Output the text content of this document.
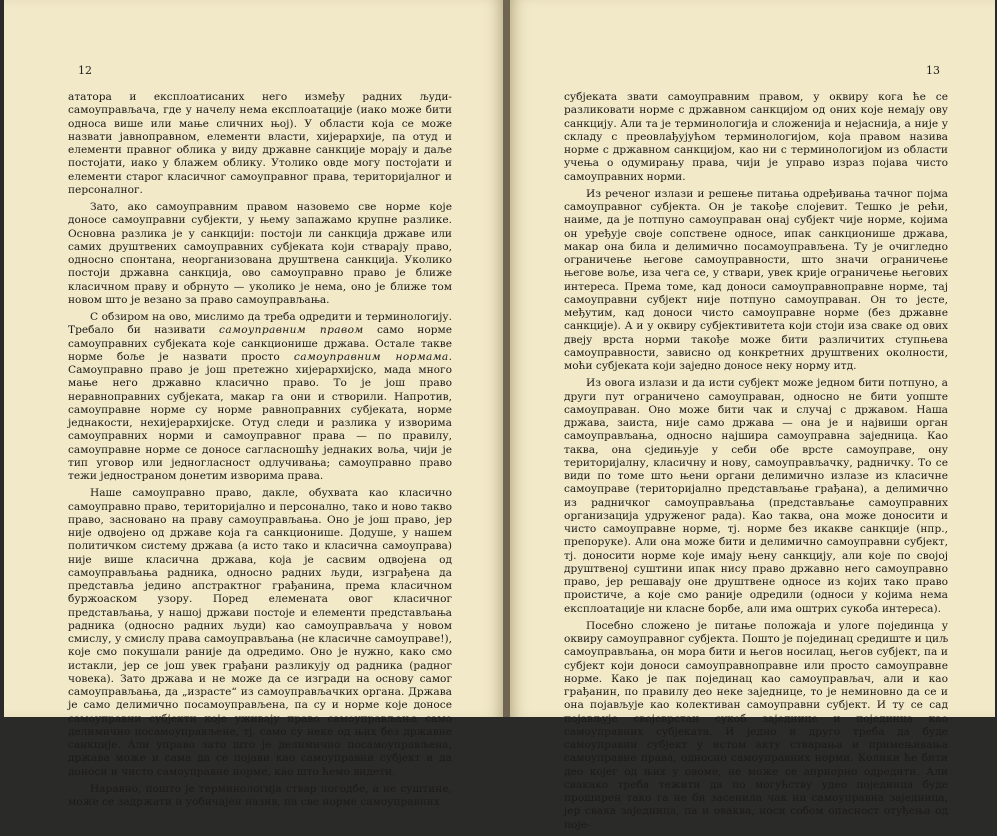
12

ататора и експлоатисаних него између радних људи-самоуправљача, где у начелу нема експлоатације (иако може бити односа више или мање сличних њој). У области која се може назвати јавноправном, елементи власти, хијерархије, па отуд и елементи правног облика у виду државне санкције морају и даље постојати, иако у блажем облику. Утолико овде могу постојати и елементи старог класичног самоуправног права, територијалног и персоналног.

Зато, ако самоуправним правом назовемо све норме које доносе самоуправни субјекти, у њему запажамо крупне разлике. Основна разлика је у санкцији: постоји ли санкција државе или самих друштвених самоуправних субјеката који стварају право, односно спонтана, неорганизована друштвена санкција. Уколико постоји државна санкција, ово самоуправно право је ближе класичном праву и обрнуто — уколико је нема, оно је ближе том новом што је везано за право самоуправљања.

С обзиром на ово, мислимо да треба одредити и терминологију. Требало би називати самоуправним правом само норме самоуправних субјеката које санкционише држава. Остале такве норме боље је назвати просто самоуправним нормама. Самоуправно право је још претежно хијерархијско, мада много мање него државно класично право. То је још право неравноправних субјеката, макар га они и створили. Напротив, самоуправне норме су норме равноправних субјеката, норме једнакости, нехијерархијске. Отуд следи и разлика у изворима самоуправних норми и самоуправног права — по правилу, самоуправне норме се доносе сагласношћу једнаких воља, чији је тип уговор или једногласност одлучивања; самоуправно право тежи једностраном донетим изворима права.

Наше самоуправно право, дакле, обухвата као класично самоуправно право, територијално и персонално, тако и ново такво право, засновано на праву самоуправљања. Оно је још право, јер није одвојено од државе која га санкционише. Додуше, у нашем политичком систему држава (а исто тако и класична самоуправа) није више класична држава, која је сасвим одвојена од самоуправљања радника, односно радних људи, изграђена да представља једино апстрактног грађанина, према класичном буржоаском узору. Поред елемената овог класичног представљања, у нашој држави постоје и елементи представљања радника (односно радних људи) као самоуправљача у новом смислу, у смислу права самоуправљања (не класичне самоуправе!), које смо покушали раније да одредимо. Оно је нужно, како смо истакли, јер се још увек грађани разликују од радника (радног човека). Зато држава и не може да се изгради на основу самог самоуправљања, да „израсте“ из самоуправљачких органа. Држава је само делимично посамоуправљена, па су и норме које доносе самоуправни субјекти које уживају право самоуправљања само делимично посамоуправљене, тј. само су неке од њих без државне санкције. Али управо зато што је делимично посамоуправљена, држава може и сама да се појави као самоуправни субјект и да доноси и чисто самоуправне норме, као што ћемо видети.

Наравно, пошто је терминологија ствар погодбе, а не суштине, може се задржати и уобичајен назив, па све норме самоуправних

13

субјеката звати самоуправним правом, у оквиру кога ће се разликовати норме с државном санкцијом од оних које немају ову санкцију. Али та је терминологија и сложенија и нејаснија, а није у складу с преовлађујућом терминологијом, која правом назива норме с државном санкцијом, као ни с терминологијом из области учења о одумирању права, чији је управо израз појава чисто самоуправних норми.

Из реченог излази и решење питања одређивања тачног појма самоуправног субјекта. Он је такође слојевит. Тешко је рећи, наиме, да је потпуно самоуправан онај субјект чије норме, којима он уређује своје сопствене односе, ипак санкционише држава, макар она била и делимично посамоуправљена. Ту је очигледно ограничење његове самоуправности, што значи ограничење његове воље, иза чега се, у ствари, увек крије ограничење његових интереса. Према томе, кад доноси самоуправноправне норме, тај самоуправни субјект није потпуно самоуправан. Он то јесте, међутим, кад доноси чисто самоуправне норме (без државне санкције). А и у оквиру субјективитета који стоји иза сваке од ових двеју врста норми такође може бити различитих ступњева самоуправности, зависно од конкретних друштвених околности, моћи субјеката који заједно доносе неку норму итд.

Из овога излази и да исти субјект може једном бити потпуно, а други пут ограничено самоуправан, односно не бити уопште самоуправан. Оно може бити чак и случај с државом. Наша држава, заиста, није само држава — она је и највиши орган самоуправљања, односно најшира самоуправна заједница. Као таква, она сједињује у себи обе врсте самоуправе, ону територијалну, класичну и нову, самоуправљачку, радничку. То се види по томе што њени органи делимично излазе из класичне самоуправе (територијално представљање грађана), а делимично из радничког самоуправљања (представљање самоуправних организација удруженог рада). Као таква, она може доносити и чисто самоуправне норме, тј. норме без икакве санкције (нпр., препоруке). Али она може бити и делимично самоуправни субјект, тј. доносити норме које имају њену санкцију, али које по својој друштвеној суштини ипак нису право државно него самоуправно право, јер решавају оне друштвене односе из којих тако право проистиче, а које смо раније одредили (односи у којима нема експлоатације ни класне борбе, али има оштрих сукоба интереса).

Посебно сложено је питање положаја и улоге појединца у оквиру самоуправног субјекта. Пошто је појединац средиште и циљ самоуправљања, он мора бити и његов носилац, његов субјект, па и субјект који доноси самоуправноправне или просто самоуправне норме. Како је пак појединац као самоуправљач, али и као грађанин, по правилу део неке заједнице, то је неминовно да се и она појављује као колективан самоуправни субјект. И ту се сад појављује својеврстан сукоб заједнице и појединца као самоуправних субјеката. И једно и друго треба да буде самоуправни субјект у истом акту стварања и примењивања самоуправне права, односно самоуправних норми. Колики ће бити део којег од њих у овоме, не може се априорно одредити. Али свакако треба тежити да по могућству удео појединца буде проширен тако га не би засенила чак ни самоуправна заједница, јер свака заједница, па и оваква, носи собом опасност отуђења од поје-
